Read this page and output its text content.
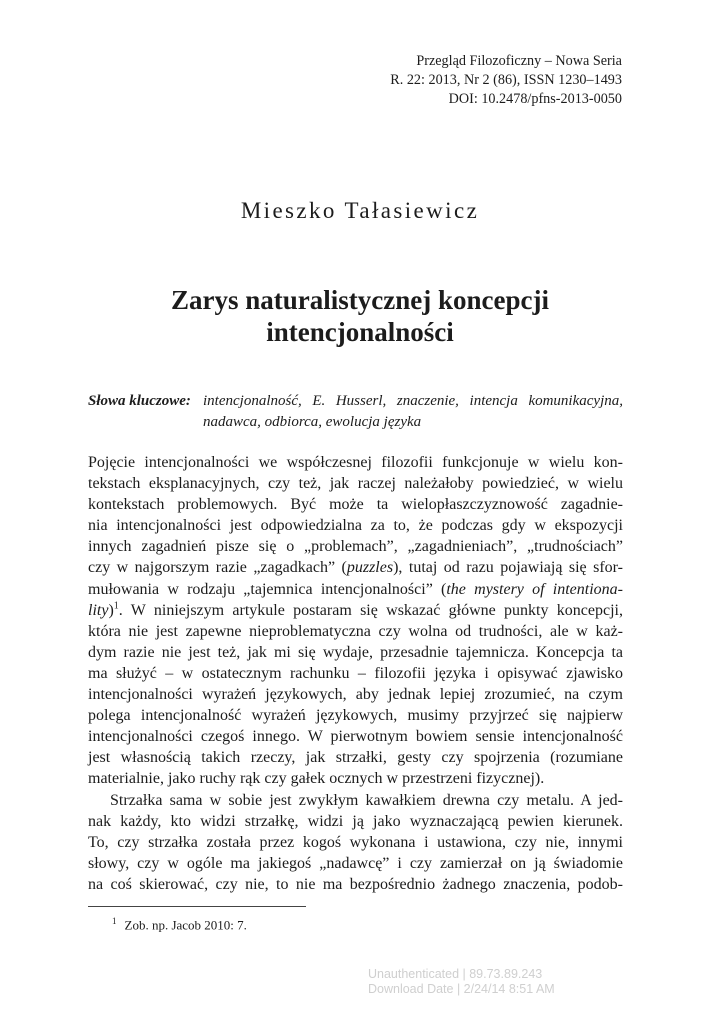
Przegląd Filozoficzny – Nowa Seria
R. 22: 2013, Nr 2 (86), ISSN 1230–1493
DOI: 10.2478/pfns-2013-0050
Mieszko Tałasiewicz
Zarys naturalistycznej koncepcji
intencjonalności
Słowa kluczowe: intencjonalność, E. Husserl, znaczenie, intencja komunikacyjna,
nadawca, odbiorca, ewolucja języka
Pojęcie intencjonalności we współczesnej filozofii funkcjonuje w wielu kon-
tekstach eksplanacyjnych, czy też, jak raczej należałoby powiedzieć, w wielu
kontekstach problemowych. Być może ta wielopłaszczyznowość zagadnie-
nia intencjonalności jest odpowiedzialna za to, że podczas gdy w ekspozycji
innych zagadnień pisze się o „problemach”, „zagadnieniach”, „trudnościach”
czy w najgorszym razie „zagadkach” (puzzles), tutaj od razu pojawiają się sfor-
mułowania w rodzaju „tajemnica intencjonalności” (the mystery of intentiona-
lity)$^1$. W niniejszym artykule postaram się wskazać główne punkty koncepcji,
która nie jest zapewne nieproblematyczna czy wolna od trudności, ale w każ-
dym razie nie jest też, jak mi się wydaje, przesadnie tajemnicza. Koncepcja ta
ma służyć – w ostatecznym rachunku – filozofii języka i opisywać zjawisko
intencjonalności wyrażeń językowych, aby jednak lepiej zrozumieć, na czym
polega intencjonalność wyrażeń językowych, musimy przyjrzeć się najpierw
intencjonalności czegoś innego. W pierwotnym bowiem sensie intencjonalność
jest własnością takich rzeczy, jak strzałki, gesty czy spojrzenia (rozumiane
materialnie, jako ruchy rąk czy gałek ocznych w przestrzeni fizycznej).
Strzałka sama w sobie jest zwykłym kawałkiem drewna czy metalu. A jed-
nak każdy, kto widzi strzałkę, widzi ją jako wyznaczającą pewien kierunek.
To, czy strzałka została przez kogoś wykonana i ustawiona, czy nie, innymi
słowy, czy w ogóle ma jakiegoś „nadawcę” i czy zamierzał on ją świadomie
na coś skierować, czy nie, to nie ma bezpośrednio żadnego znaczenia, podob-
$^1$ Zob. np. Jacob 2010: 7.
Unauthenticated | 89.73.89.243
Download Date | 2/24/14 8:51 AM
